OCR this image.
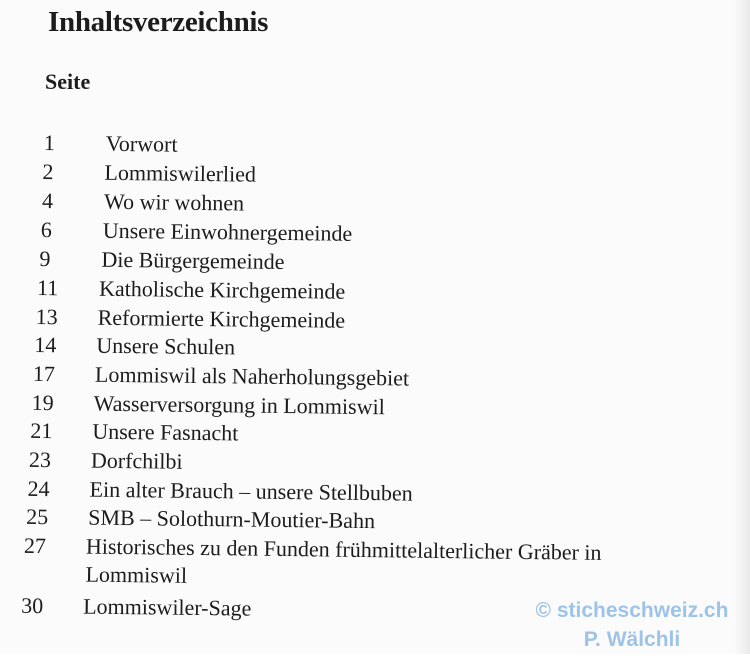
Inhaltsverzeichnis
Seite
1	Vorwort
2	Lommiswilerlied
4	Wo wir wohnen
6	Unsere Einwohnergemeinde
9	Die Bürgergemeinde
11	Katholische Kirchgemeinde
13	Reformierte Kirchgemeinde
14	Unsere Schulen
17	Lommiswil als Naherholungsgebiet
19	Wasserversorgung in Lommiswil
21	Unsere Fasnacht
23	Dorfchilbi
24	Ein alter Brauch – unsere Stellbuben
25	SMB – Solothurn-Moutier-Bahn
27	Historisches zu den Funden frühmittelalterlicher Gräber in
Lommiswil
30	Lommiswiler-Sage	© sticheschweiz.ch
P. Wälchli
